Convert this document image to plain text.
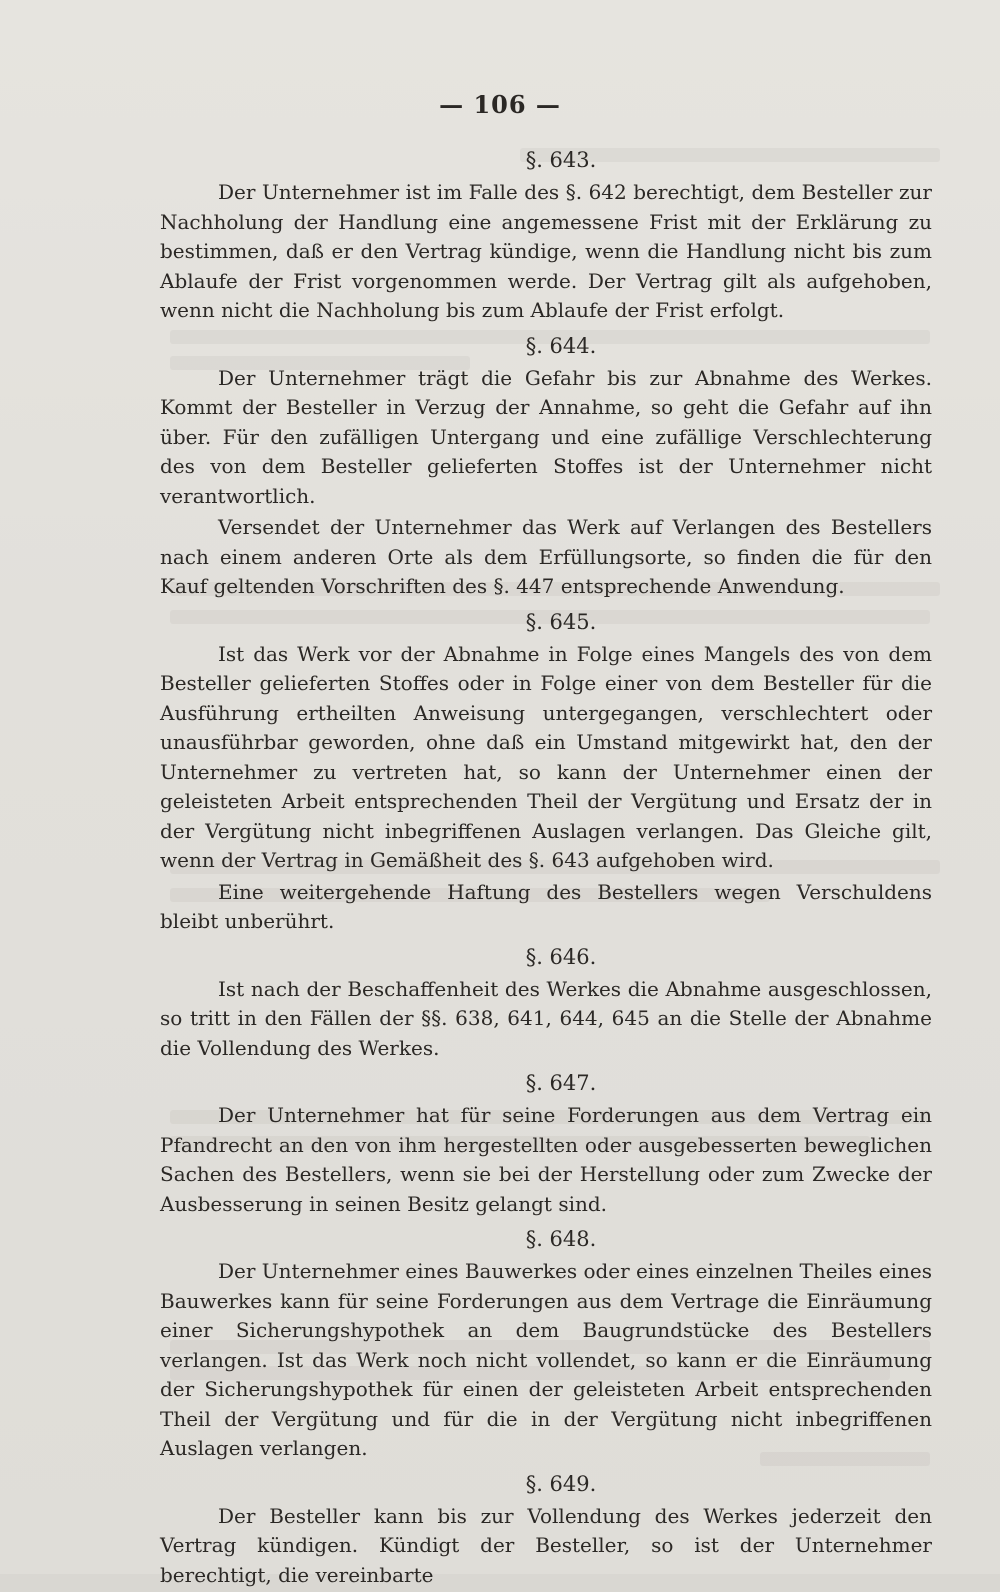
— 106 —
§. 643.

Der Unternehmer ist im Falle des §. 642 berechtigt, dem Besteller zur Nachholung der Handlung eine angemessene Frist mit der Erklärung zu bestimmen, daß er den Vertrag kündige, wenn die Handlung nicht bis zum Ablaufe der Frist vorgenommen werde. Der Vertrag gilt als aufgehoben, wenn nicht die Nachholung bis zum Ablaufe der Frist erfolgt.

§. 644.

Der Unternehmer trägt die Gefahr bis zur Abnahme des Werkes. Kommt der Besteller in Verzug der Annahme, so geht die Gefahr auf ihn über. Für den zufälligen Untergang und eine zufällige Verschlechterung des von dem Besteller gelieferten Stoffes ist der Unternehmer nicht verantwortlich.

Versendet der Unternehmer das Werk auf Verlangen des Bestellers nach einem anderen Orte als dem Erfüllungsorte, so finden die für den Kauf geltenden Vorschriften des §. 447 entsprechende Anwendung.

§. 645.

Ist das Werk vor der Abnahme in Folge eines Mangels des von dem Besteller gelieferten Stoffes oder in Folge einer von dem Besteller für die Ausführung ertheilten Anweisung untergegangen, verschlechtert oder unausführbar geworden, ohne daß ein Umstand mitgewirkt hat, den der Unternehmer zu vertreten hat, so kann der Unternehmer einen der geleisteten Arbeit entsprechenden Theil der Vergütung und Ersatz der in der Vergütung nicht inbegriffenen Auslagen verlangen. Das Gleiche gilt, wenn der Vertrag in Gemäßheit des §. 643 aufgehoben wird.

Eine weitergehende Haftung des Bestellers wegen Verschuldens bleibt unberührt.

§. 646.

Ist nach der Beschaffenheit des Werkes die Abnahme ausgeschlossen, so tritt in den Fällen der §§. 638, 641, 644, 645 an die Stelle der Abnahme die Vollendung des Werkes.

§. 647.

Der Unternehmer hat für seine Forderungen aus dem Vertrag ein Pfandrecht an den von ihm hergestellten oder ausgebesserten beweglichen Sachen des Bestellers, wenn sie bei der Herstellung oder zum Zwecke der Ausbesserung in seinen Besitz gelangt sind.

§. 648.

Der Unternehmer eines Bauwerkes oder eines einzelnen Theiles eines Bauwerkes kann für seine Forderungen aus dem Vertrage die Einräumung einer Sicherungshypothek an dem Baugrundstücke des Bestellers verlangen. Ist das Werk noch nicht vollendet, so kann er die Einräumung der Sicherungshypothek für einen der geleisteten Arbeit entsprechenden Theil der Vergütung und für die in der Vergütung nicht inbegriffenen Auslagen verlangen.

§. 649.

Der Besteller kann bis zur Vollendung des Werkes jederzeit den Vertrag kündigen. Kündigt der Besteller, so ist der Unternehmer berechtigt, die vereinbarte
